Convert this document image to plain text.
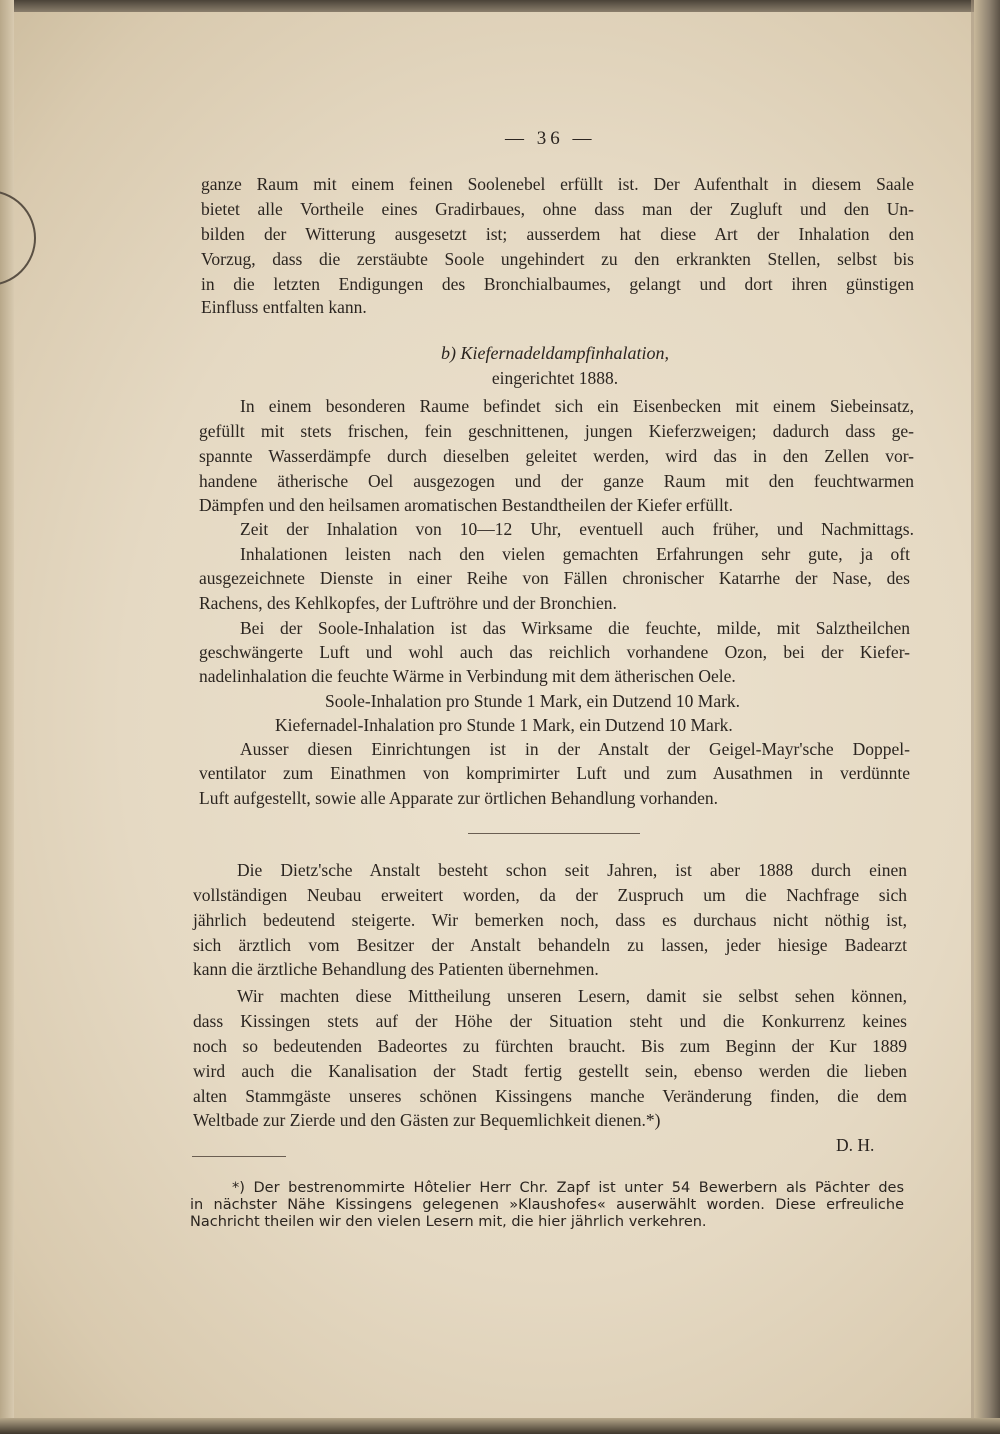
— 36 —
ganze Raum mit einem feinen Soolenebel erfüllt ist. Der Aufenthalt in diesem Saale
bietet alle Vortheile eines Gradirbaues, ohne dass man der Zugluft und den Un-
bilden der Witterung ausgesetzt ist; ausserdem hat diese Art der Inhalation den
Vorzug, dass die zerstäubte Soole ungehindert zu den erkrankten Stellen, selbst bis
in die letzten Endigungen des Bronchialbaumes, gelangt und dort ihren günstigen
Einfluss entfalten kann.
b) Kiefernadeldampfinhalation,
eingerichtet 1888.
In einem besonderen Raume befindet sich ein Eisenbecken mit einem Siebeinsatz,
gefüllt mit stets frischen, fein geschnittenen, jungen Kieferzweigen; dadurch dass ge-
spannte Wasserdämpfe durch dieselben geleitet werden, wird das in den Zellen vor-
handene ätherische Oel ausgezogen und der ganze Raum mit den feuchtwarmen
Dämpfen und den heilsamen aromatischen Bestandtheilen der Kiefer erfüllt.
Zeit der Inhalation von 10—12 Uhr, eventuell auch früher, und Nachmittags.
Inhalationen leisten nach den vielen gemachten Erfahrungen sehr gute, ja oft
ausgezeichnete Dienste in einer Reihe von Fällen chronischer Katarrhe der Nase, des
Rachens, des Kehlkopfes, der Luftröhre und der Bronchien.
Bei der Soole-Inhalation ist das Wirksame die feuchte, milde, mit Salztheilchen
geschwängerte Luft und wohl auch das reichlich vorhandene Ozon, bei der Kiefer-
nadelinhalation die feuchte Wärme in Verbindung mit dem ätherischen Oele.
Soole-Inhalation pro Stunde 1 Mark, ein Dutzend 10 Mark.
Kiefernadel-Inhalation pro Stunde 1 Mark, ein Dutzend 10 Mark.
Ausser diesen Einrichtungen ist in der Anstalt der Geigel-Mayr'sche Doppel-
ventilator zum Einathmen von komprimirter Luft und zum Ausathmen in verdünnte
Luft aufgestellt, sowie alle Apparate zur örtlichen Behandlung vorhanden.
Die Dietz'sche Anstalt besteht schon seit Jahren, ist aber 1888 durch einen
vollständigen Neubau erweitert worden, da der Zuspruch um die Nachfrage sich
jährlich bedeutend steigerte. Wir bemerken noch, dass es durchaus nicht nöthig ist,
sich ärztlich vom Besitzer der Anstalt behandeln zu lassen, jeder hiesige Badearzt
kann die ärztliche Behandlung des Patienten übernehmen.
Wir machten diese Mittheilung unseren Lesern, damit sie selbst sehen können,
dass Kissingen stets auf der Höhe der Situation steht und die Konkurrenz keines
noch so bedeutenden Badeortes zu fürchten braucht. Bis zum Beginn der Kur 1889
wird auch die Kanalisation der Stadt fertig gestellt sein, ebenso werden die lieben
alten Stammgäste unseres schönen Kissingens manche Veränderung finden, die dem
Weltbade zur Zierde und den Gästen zur Bequemlichkeit dienen.*)
D. H.
*) Der bestrenommirte Hôtelier Herr Chr. Zapf ist unter 54 Bewerbern als Pächter des
in nächster Nähe Kissingens gelegenen »Klaushofes« auserwählt worden. Diese erfreuliche
Nachricht theilen wir den vielen Lesern mit, die hier jährlich verkehren.
